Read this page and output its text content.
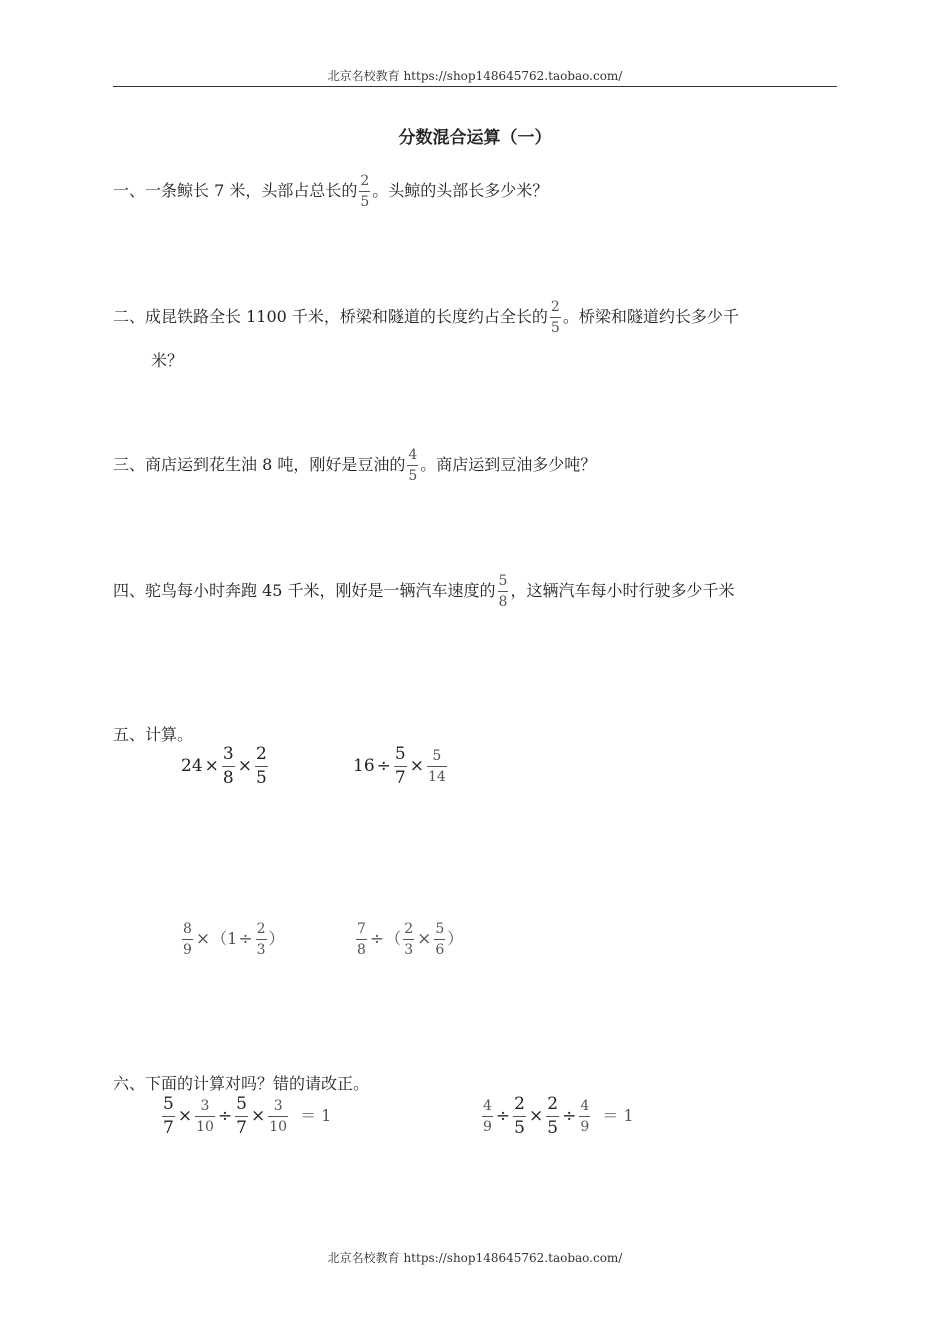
北京名校教育 https://shop148645762.taobao.com/
分数混合运算（一）
一、一条鲸长 7 米，头部占总长的 $\frac{2}{5}$ 。头鲸的头部长多少米？
二、成昆铁路全长 1100 千米，桥梁和隧道的长度约占全长的 $\frac{2}{5}$ 。桥梁和隧道约长多少千
米？
三、商店运到花生油 8 吨，刚好是豆油的 $\frac{4}{5}$ 。商店运到豆油多少吨？
四、驼鸟每小时奔跑 45 千米，刚好是一辆汽车速度的 $\frac{5}{8}$ ，这辆汽车每小时行驶多少千米
五、计算。
$24 \times \frac{3}{8} \times \frac{2}{5}$	$16 \div \frac{5}{7} \times \frac{5}{14}$
$\frac{8}{9} \times(1\div \frac{2}{3}$ ）	$\frac{7}{8}$ ÷（ $\frac{2}{3} \times \frac{5}{6}$ ）
六、下面的计算对吗？错的请改正。
$\frac{5}{7} \times \frac{3}{10} \div \frac{5}{7} \times \frac{3}{10} = 1$	$\frac{4}{9} \div \frac{2}{5} \times \frac{2}{5} \div \frac{4}{9} = 1$
北京名校教育 https://shop148645762.taobao.com/
